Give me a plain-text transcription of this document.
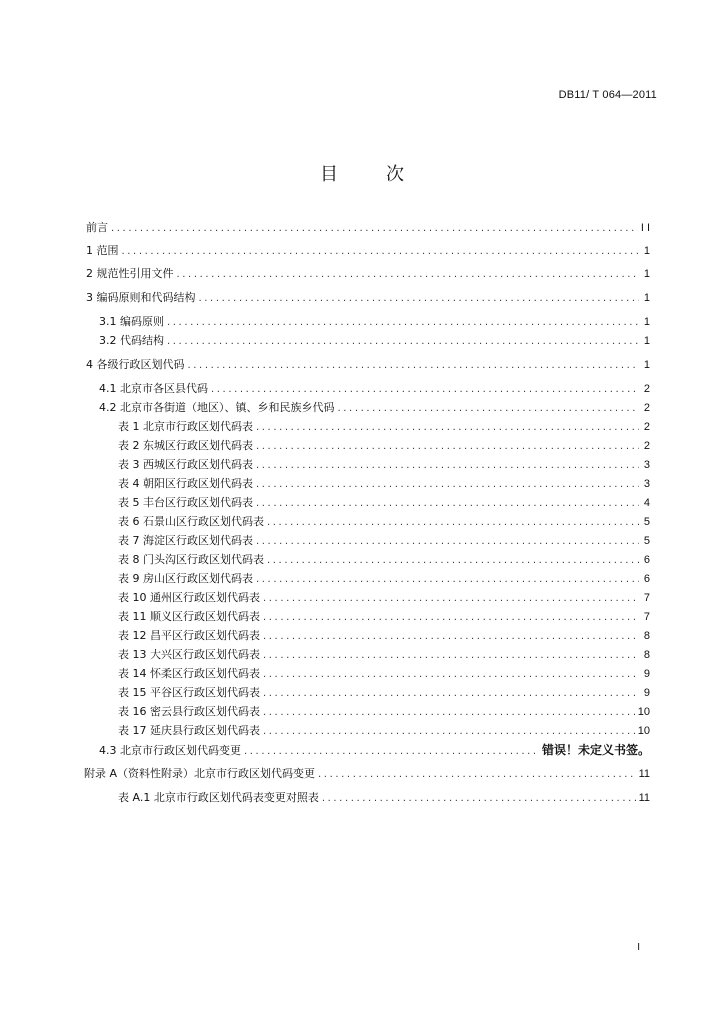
DB11/ T 064—2011
目	次
前言 .....	I I
1 范围 .....	1
2 规范性引用文件 .....	1
3 编码原则和代码结构 .....	1
3.1 编码原则 .....	1
3.2 代码结构 .....	1
4 各级行政区划代码 .....	1
4.1 北京市各区县代码 .....	2
4.2 北京市各街道（地区）、镇、乡和民族乡代码 .....	2
表 1 北京市行政区划代码表 .....	2
表 2 东城区行政区划代码表 .....	2
表 3 西城区行政区划代码表 .....	3
表 4 朝阳区行政区划代码表 .....	3
表 5 丰台区行政区划代码表 .....	4
表 6 石景山区行政区划代码表 .....	5
表 7 海淀区行政区划代码表 .....	5
表 8 门头沟区行政区划代码表 .....	6
表 9 房山区行政区划代码表 .....	6
表 10 通州区行政区划代码表 .....	7
表 11 顺义区行政区划代码表 .....	7
表 12 昌平区行政区划代码表 .....	8
表 13 大兴区行政区划代码表 .....	8
表 14 怀柔区行政区划代码表 .....	9
表 15 平谷区行政区划代码表 .....	9
表 16 密云县行政区划代码表 .....	10
表 17 延庆县行政区划代码表 .....	10
4.3 北京市行政区划代码变更 .....	错误！未定义书签。
附录 A（资料性附录）北京市行政区划代码变更 .....	11
表 A.1 北京市行政区划代码表变更对照表 .....	11
I
